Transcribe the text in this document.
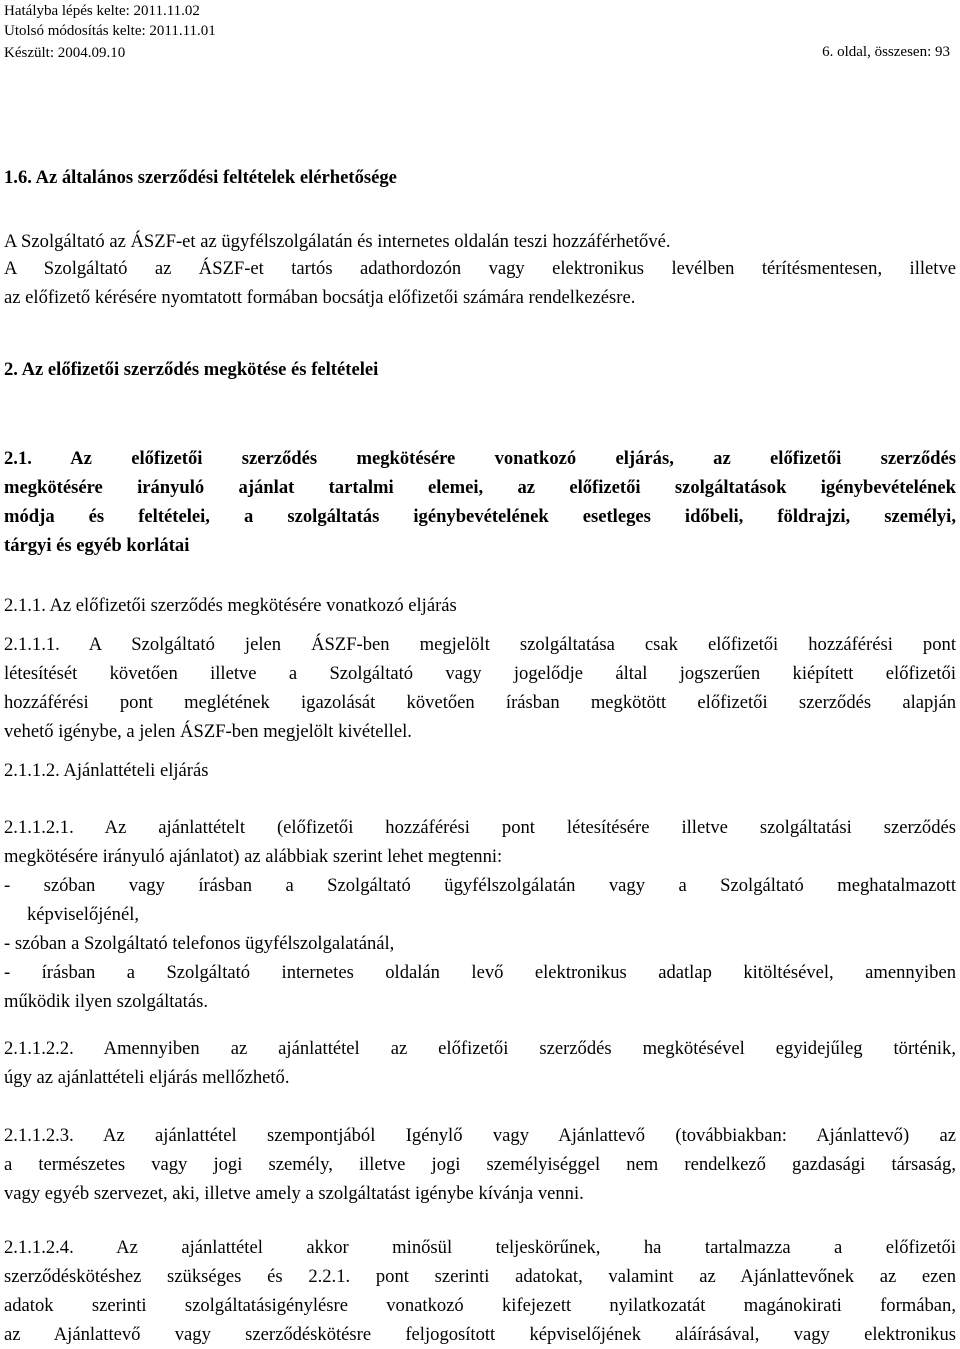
Hatályba lépés kelte: 2011.11.02
Utolsó módosítás kelte: 2011.11.01
Készült: 2004.09.10	6. oldal, összesen: 93
1.6. Az általános szerződési feltételek elérhetősége
A Szolgáltató az ÁSZF-et az ügyfélszolgálatán és internetes oldalán teszi hozzáférhetővé.
A Szolgáltató az ÁSZF-et tartós adathordozón vagy elektronikus levélben térítésmentesen, illetve
az előfizető kérésére nyomtatott formában bocsátja előfizetői számára rendelkezésre.
2. Az előfizetői szerződés megkötése és feltételei
2.1. Az előfizetői szerződés megkötésére vonatkozó eljárás, az előfizetői szerződés
megkötésére irányuló ajánlat tartalmi elemei, az előfizetői szolgáltatások igénybevételének
módja és feltételei, a szolgáltatás igénybevételének esetleges időbeli, földrajzi, személyi,
tárgyi és egyéb korlátai
2.1.1. Az előfizetői szerződés megkötésére vonatkozó eljárás
2.1.1.1. A Szolgáltató jelen ÁSZF-ben megjelölt szolgáltatása csak előfizetői hozzáférési pont
létesítését követően illetve a Szolgáltató vagy jogelődje által jogszerűen kiépített előfizetői
hozzáférési pont meglétének igazolását követően írásban megkötött előfizetői szerződés alapján
vehető igénybe, a jelen ÁSZF-ben megjelölt kivétellel.
2.1.1.2. Ajánlattételi eljárás
2.1.1.2.1. Az ajánlattételt (előfizetői hozzáférési pont létesítésére illetve szolgáltatási szerződés
megkötésére irányuló ajánlatot) az alábbiak szerint lehet megtenni:
- szóban vagy írásban a Szolgáltató ügyfélszolgálatán vagy a Szolgáltató meghatalmazott
képviselőjénél,
- szóban a Szolgáltató telefonos ügyfélszolgalatánál,
- írásban a Szolgáltató internetes oldalán levő elektronikus adatlap kitöltésével, amennyiben
működik ilyen szolgáltatás.
2.1.1.2.2. Amennyiben az ajánlattétel az előfizetői szerződés megkötésével egyidejűleg történik,
úgy az ajánlattételi eljárás mellőzhető.
2.1.1.2.3. Az ajánlattétel szempontjából Igénylő vagy Ajánlattevő (továbbiakban: Ajánlattevő) az
a természetes vagy jogi személy, illetve jogi személyiséggel nem rendelkező gazdasági társaság,
vagy egyéb szervezet, aki, illetve amely a szolgáltatást igénybe kívánja venni.
2.1.1.2.4. Az ajánlattétel akkor minősül teljeskörűnek, ha tartalmazza a előfizetői
szerződéskötéshez szükséges és 2.2.1. pont szerinti adatokat, valamint az Ajánlattevőnek az ezen
adatok szerinti szolgáltatásigénylésre vonatkozó kifejezett nyilatkozatát magánokirati formában,
az Ajánlattevő vagy szerződéskötésre feljogosított képviselőjének aláírásával, vagy elektronikus
